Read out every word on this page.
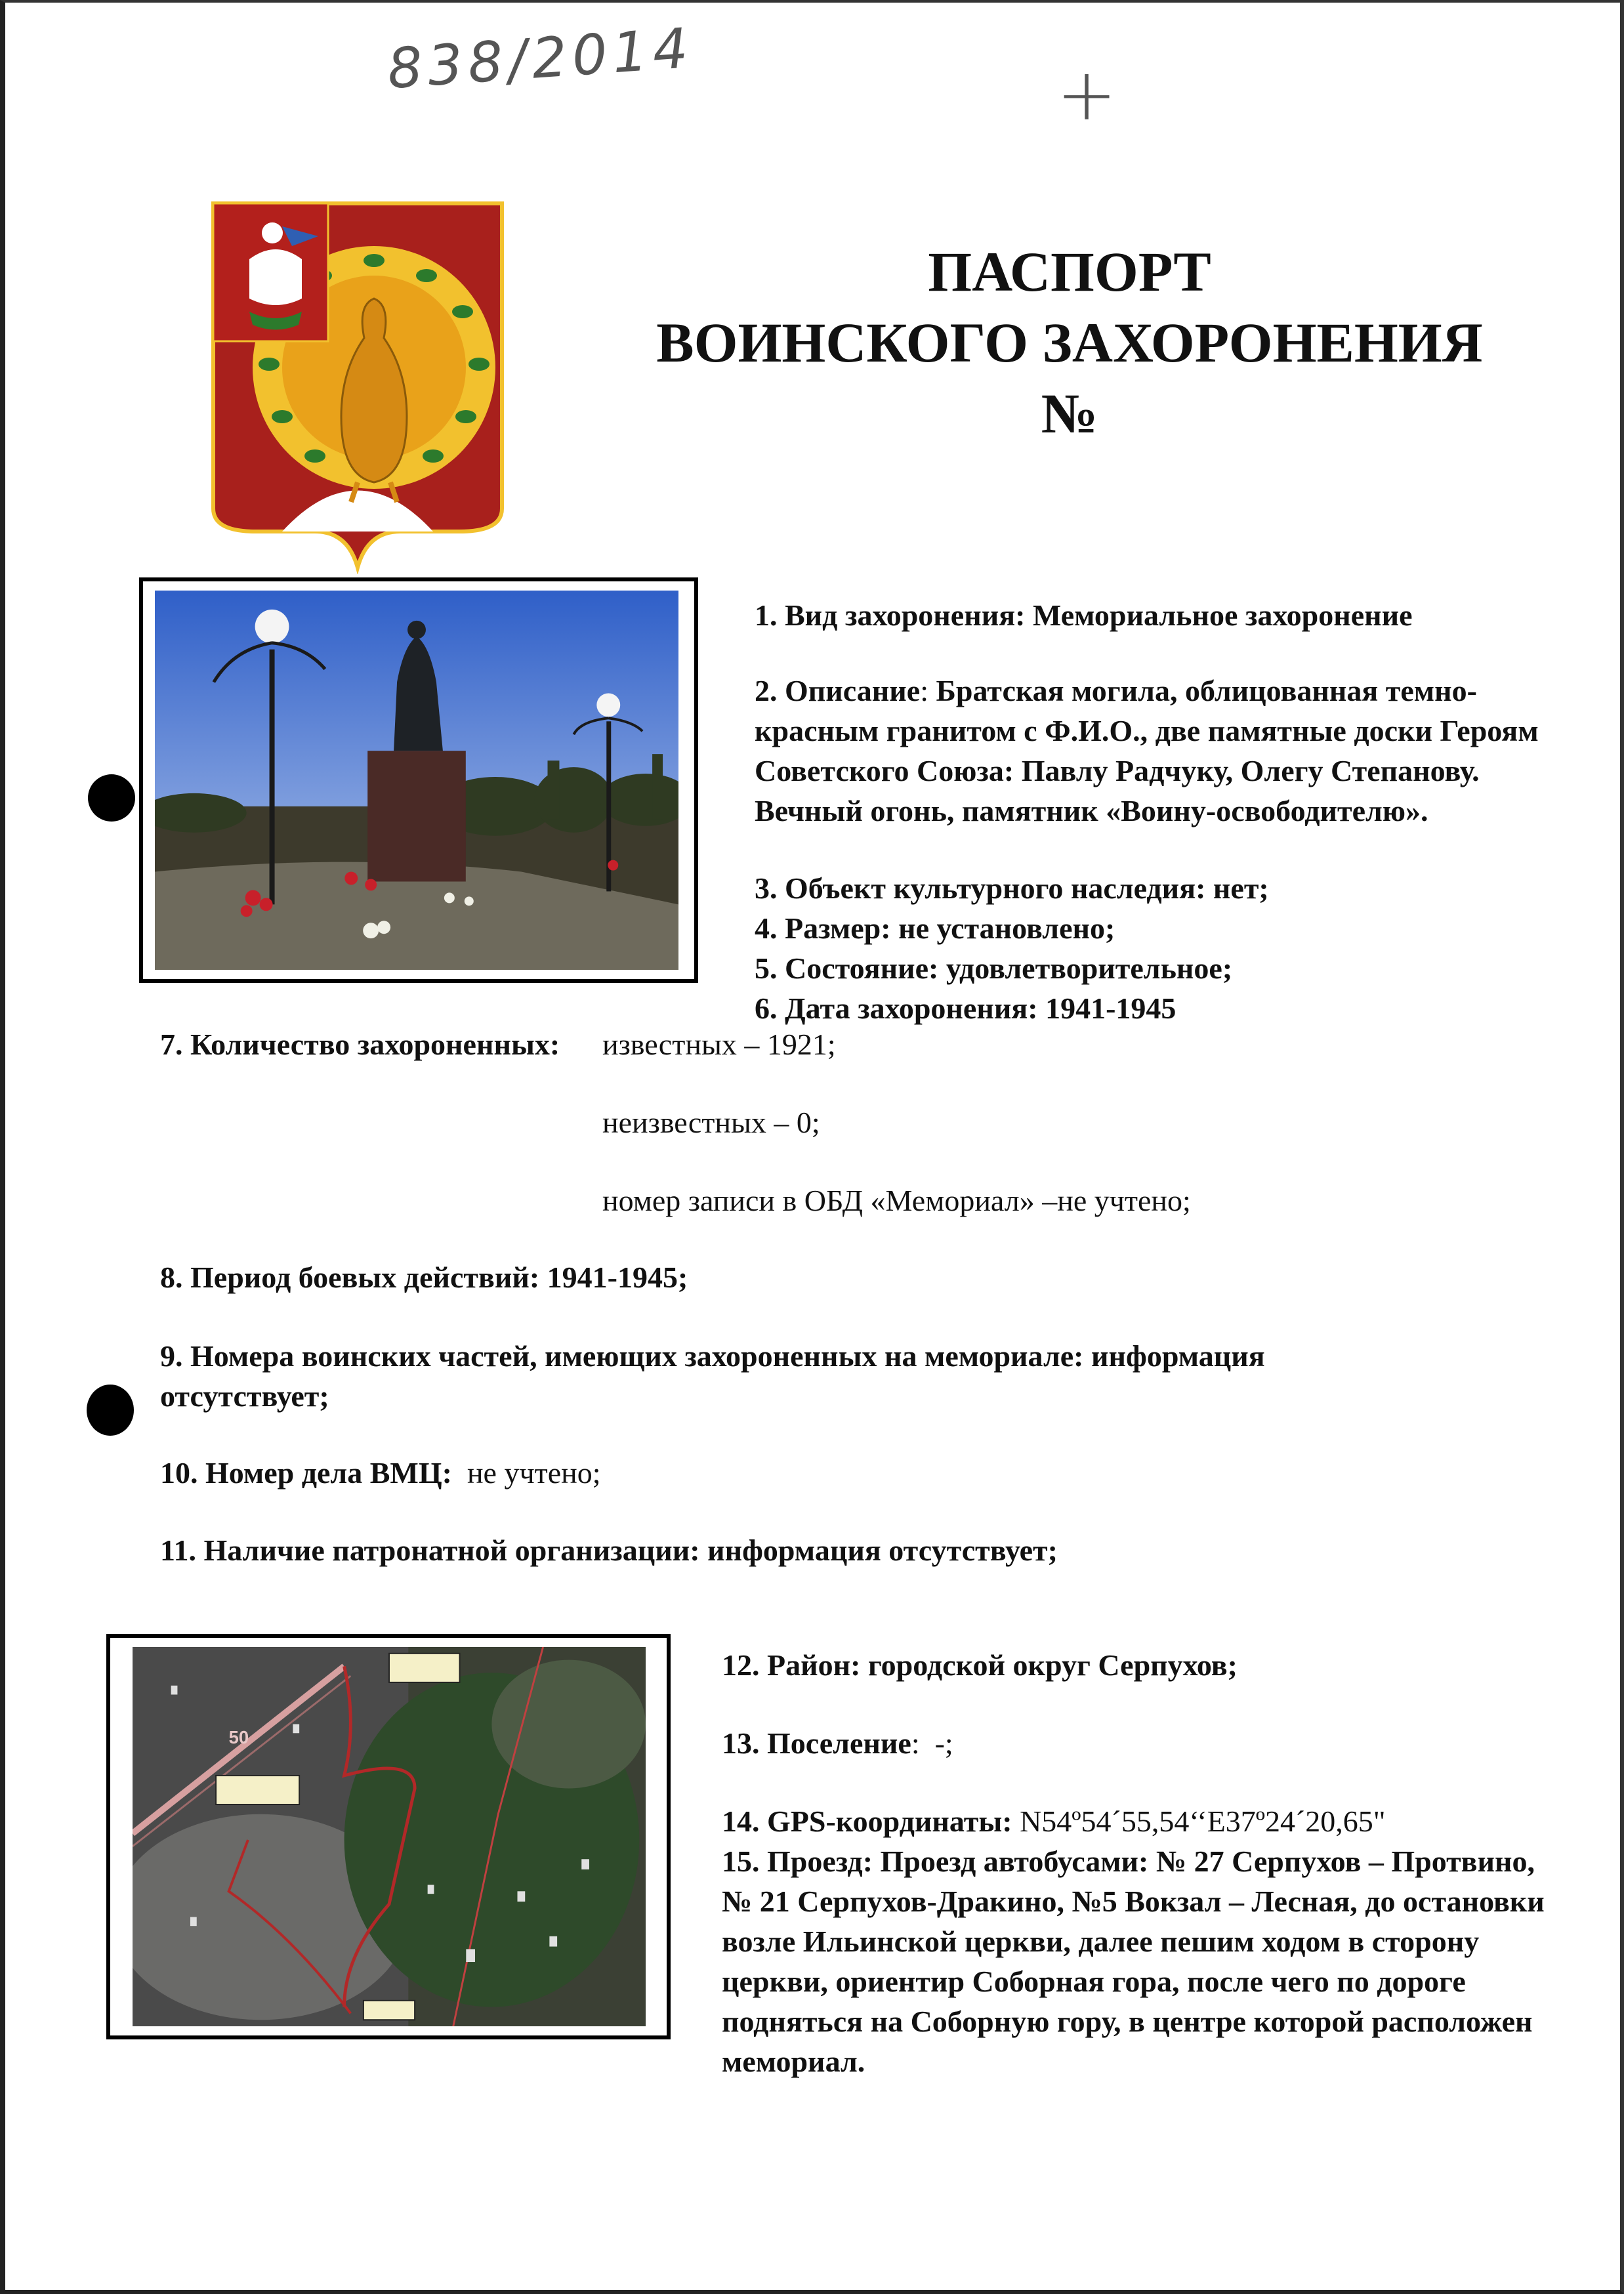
838/2014	+
ПАСПОРТ
ВОИНСКОГО ЗАХОРОНЕНИЯ
№
1. Вид захоронения: Мемориальное захоронение
2. Описание: Братская могила, облицованная темно-красным гранитом с Ф.И.О., две памятные доски Героям Советского Союза: Павлу Радчуку, Олегу Степанову. Вечный огонь, памятник «Воину-освободителю».
3. Объект культурного наследия: нет;
4. Размер: не установлено;
5. Состояние: удовлетворительное;
6. Дата захоронения: 1941-1945
7. Количество захороненных: известных – 1921;
неизвестных – 0;
номер записи в ОБД «Мемориал» –не учтено;
8. Период боевых действий: 1941-1945;
9. Номера воинских частей, имеющих захороненных на мемориале: информация отсутствует;
10. Номер дела ВМЦ:  не учтено;
11. Наличие патронатной организации: информация отсутствует;
50
12. Район: городской округ Серпухов;
13. Поселение:  -;
14. GPS-координаты: N54º54´55,54‘‘E37º24´20,65"
15. Проезд: Проезд автобусами: № 27 Серпухов – Протвино, № 21 Серпухов-Дракино, №5 Вокзал – Лесная, до остановки возле Ильинской церкви, далее пешим ходом в сторону церкви, ориентир Соборная гора, после чего по дороге подняться на Соборную гору, в центре которой расположен мемориал.
